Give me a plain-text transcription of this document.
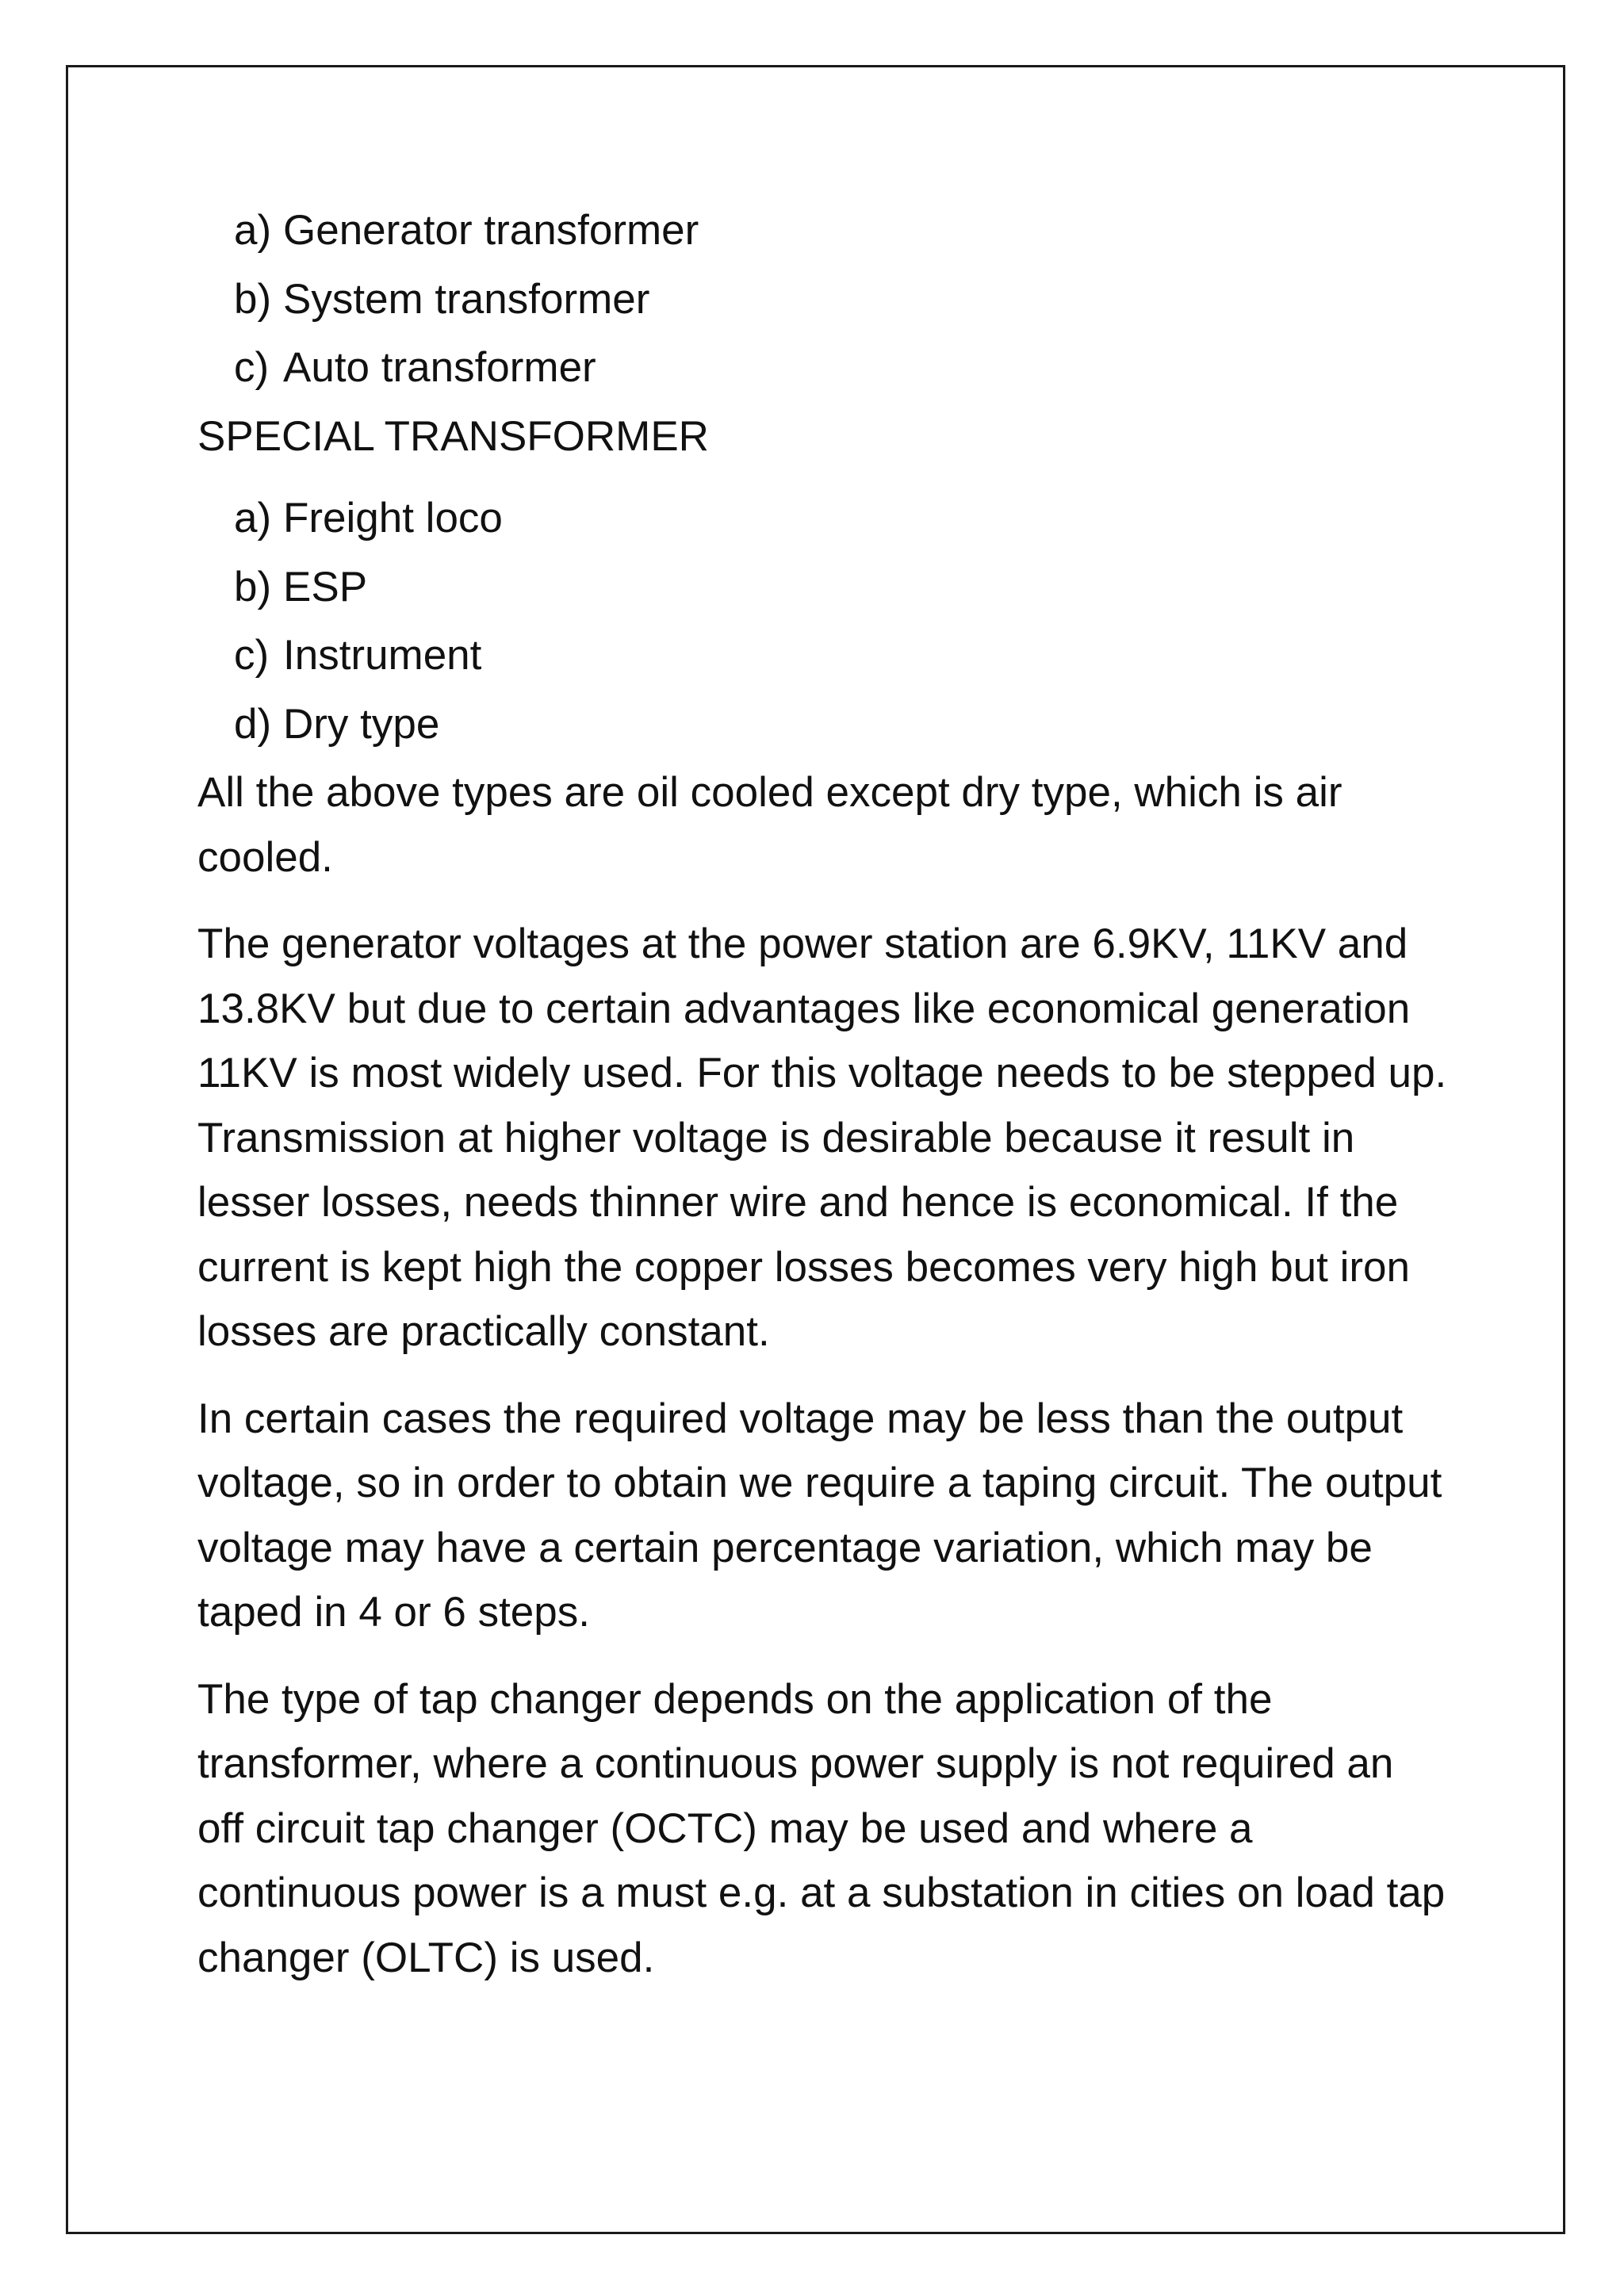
a) Generator transformer
b) System transformer
c) Auto transformer
SPECIAL TRANSFORMER
a) Freight loco
b) ESP
c) Instrument
d) Dry type

All the above types are oil cooled except dry type, which is air cooled.

The generator voltages at the power station are 6.9KV, 11KV and 13.8KV but due to certain advantages like economical generation 11KV is most widely used. For this voltage needs to be stepped up. Transmission at higher voltage is desirable because it result in lesser losses, needs thinner wire and hence is economical. If the current is kept high the copper losses becomes very high but iron losses are practically constant.

In certain cases the required voltage may be less than the output voltage, so in order to obtain we require a taping circuit. The output voltage may have a certain percentage variation, which may be taped in 4 or 6 steps.

The type of tap changer depends on the application of the transformer, where a continuous power supply is not required an off circuit tap changer (OCTC) may be used and where a continuous power is a must e.g. at a substation in cities on load tap changer (OLTC) is used.
